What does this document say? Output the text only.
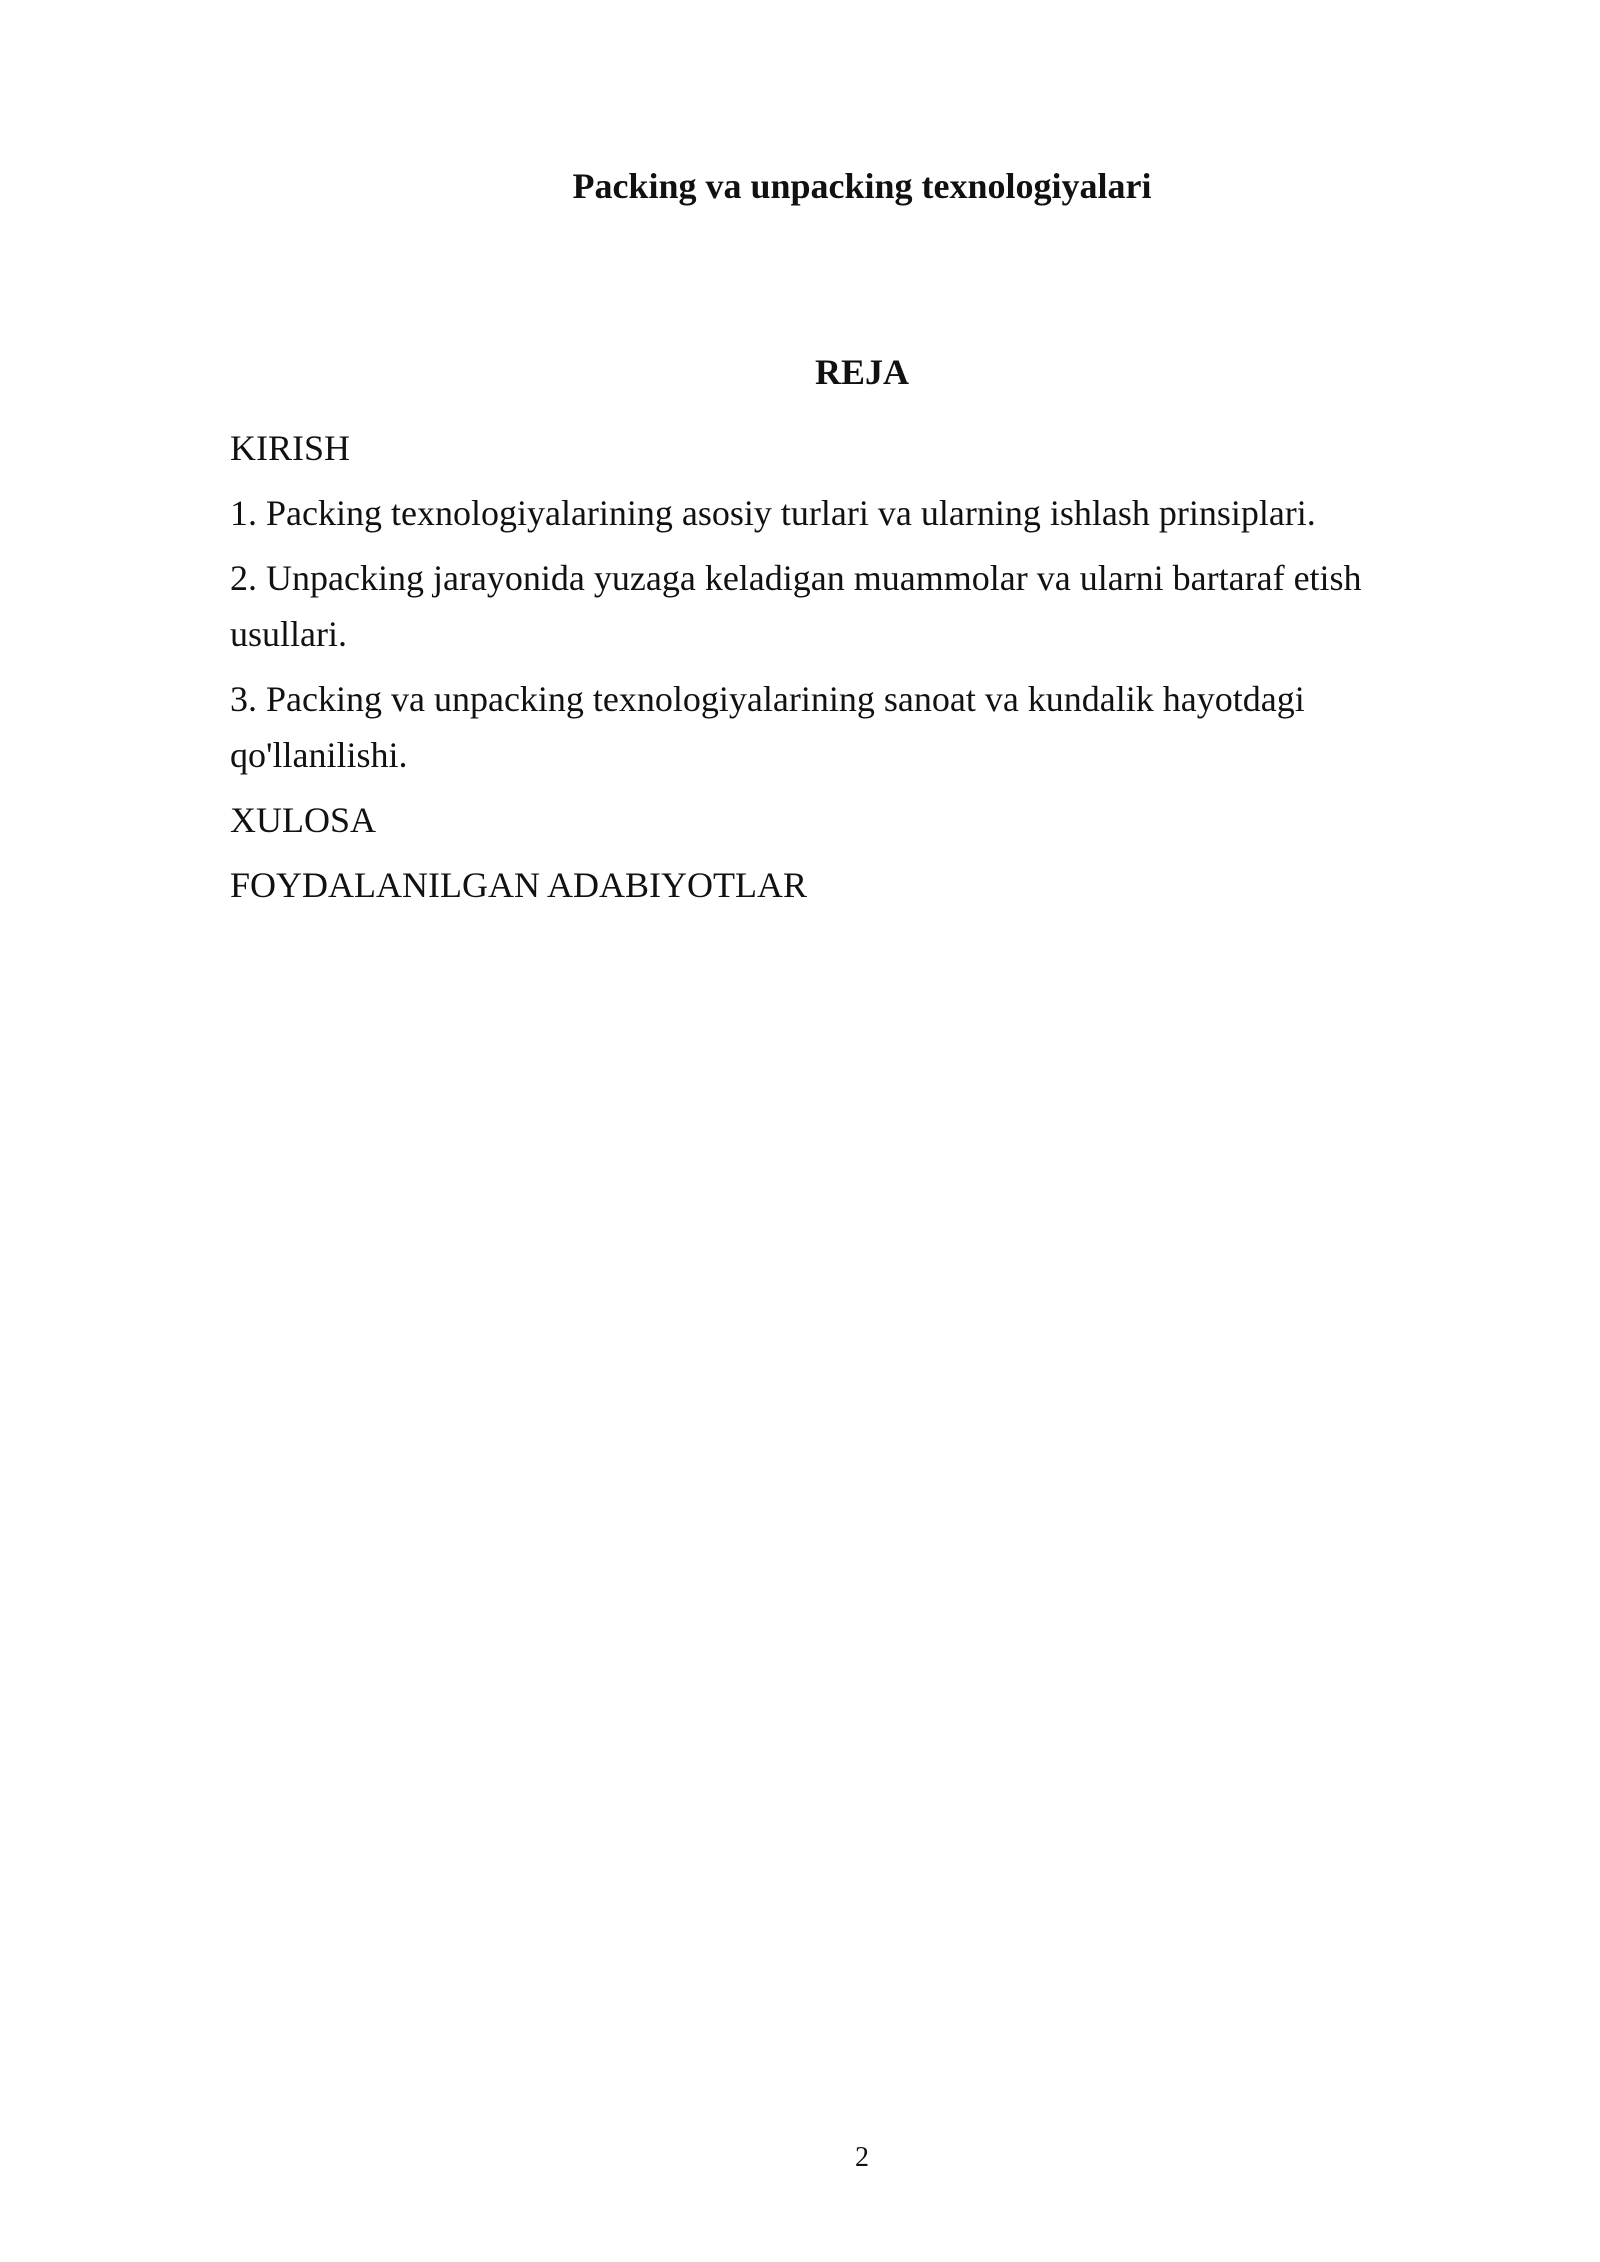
Packing va unpacking texnologiyalari
REJA
KIRISH
1. Packing texnologiyalarining asosiy turlari va ularning ishlash prinsiplari.
2. Unpacking jarayonida yuzaga keladigan muammolar va ularni bartaraf etish usullari.
3. Packing va unpacking texnologiyalarining sanoat va kundalik hayotdagi qo'llanilishi.
XULOSA
FOYDALANILGAN ADABIYOTLAR
2
